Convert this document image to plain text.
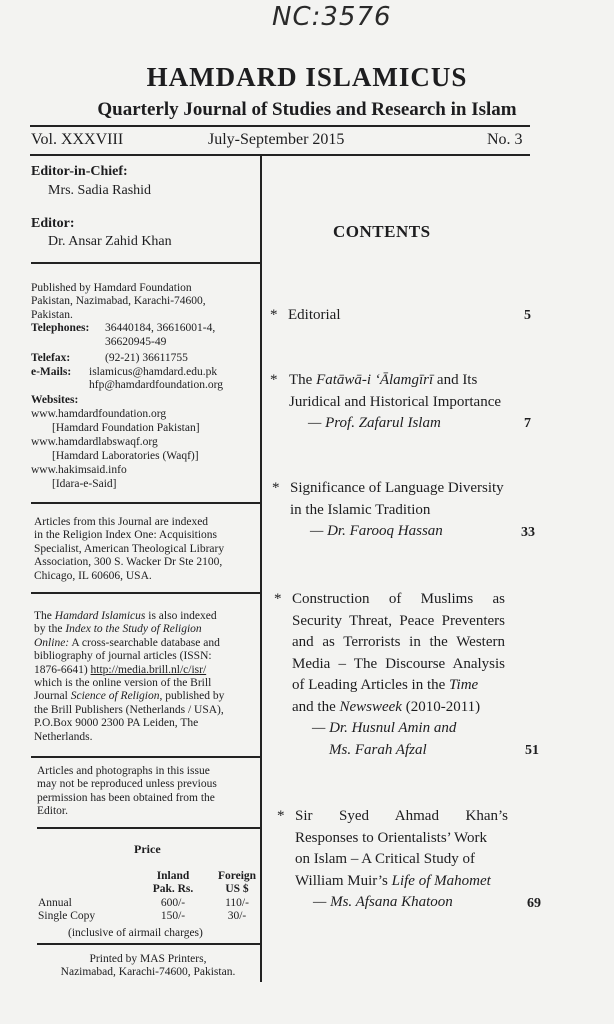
NC:3576
HAMDARD ISLAMICUS
Quarterly Journal of Studies and Research in Islam
Vol. XXXVIII	July-September 2015	No. 3
Editor-in-Chief:
Mrs. Sadia Rashid
Editor:
Dr. Ansar Zahid Khan
Published by Hamdard Foundation
Pakistan, Nazimabad, Karachi-74600,
Pakistan.
Telephones: 36440184, 36616001-4,
36620945-49
Telefax:	(92-21) 36611755
e-Mails: islamicus@hamdard.edu.pk
hfp@hamdardfoundation.org
Websites:
www.hamdardfoundation.org
[Hamdard Foundation Pakistan]
www.hamdardlabswaqf.org
[Hamdard Laboratories (Waqf)]
www.hakimsaid.info
[Idara-e-Said]
Articles from this Journal are indexed
in the Religion Index One: Acquisitions
Specialist, American Theological Library
Association, 300 S. Wacker Dr Ste 2100,
Chicago, IL 60606, USA.
The Hamdard Islamicus is also indexed
by the Index to the Study of Religion
Online: A cross-searchable database and
bibliography of journal articles (ISSN:
1876-6641) http://media.brill.nl/c/isr/
which is the online version of the Brill
Journal Science of Religion, published by
the Brill Publishers (Netherlands / USA),
P.O.Box 9000 2300 PA Leiden, The
Netherlands.
Articles and photographs in this issue
may not be reproduced unless previous
permission has been obtained from the
Editor.
Price
	Inland	Foreign
	Pak. Rs.	US $
Annual	600/-	110/-
Single Copy	150/-	30/-
(inclusive of airmail charges)
Printed by MAS Printers,
Nazimabad, Karachi-74600, Pakistan.
CONTENTS
* Editorial	5
* The Fatāwā-i ‘Ālamgīrī and Its
Juridical and Historical Importance
— Prof. Zafarul Islam	7
* Significance of Language Diversity
in the Islamic Tradition
— Dr. Farooq Hassan	33
* Construction of Muslims as
Security Threat, Peace Preventers
and as Terrorists in the Western
Media – The Discourse Analysis
of Leading Articles in the Time
and the Newsweek (2010-2011)
— Dr. Husnul Amin and
Ms. Farah Afzal	51
* Sir Syed Ahmad Khan’s
Responses to Orientalists’ Work
on Islam – A Critical Study of
William Muir’s Life of Mahomet
— Ms. Afsana Khatoon	69
